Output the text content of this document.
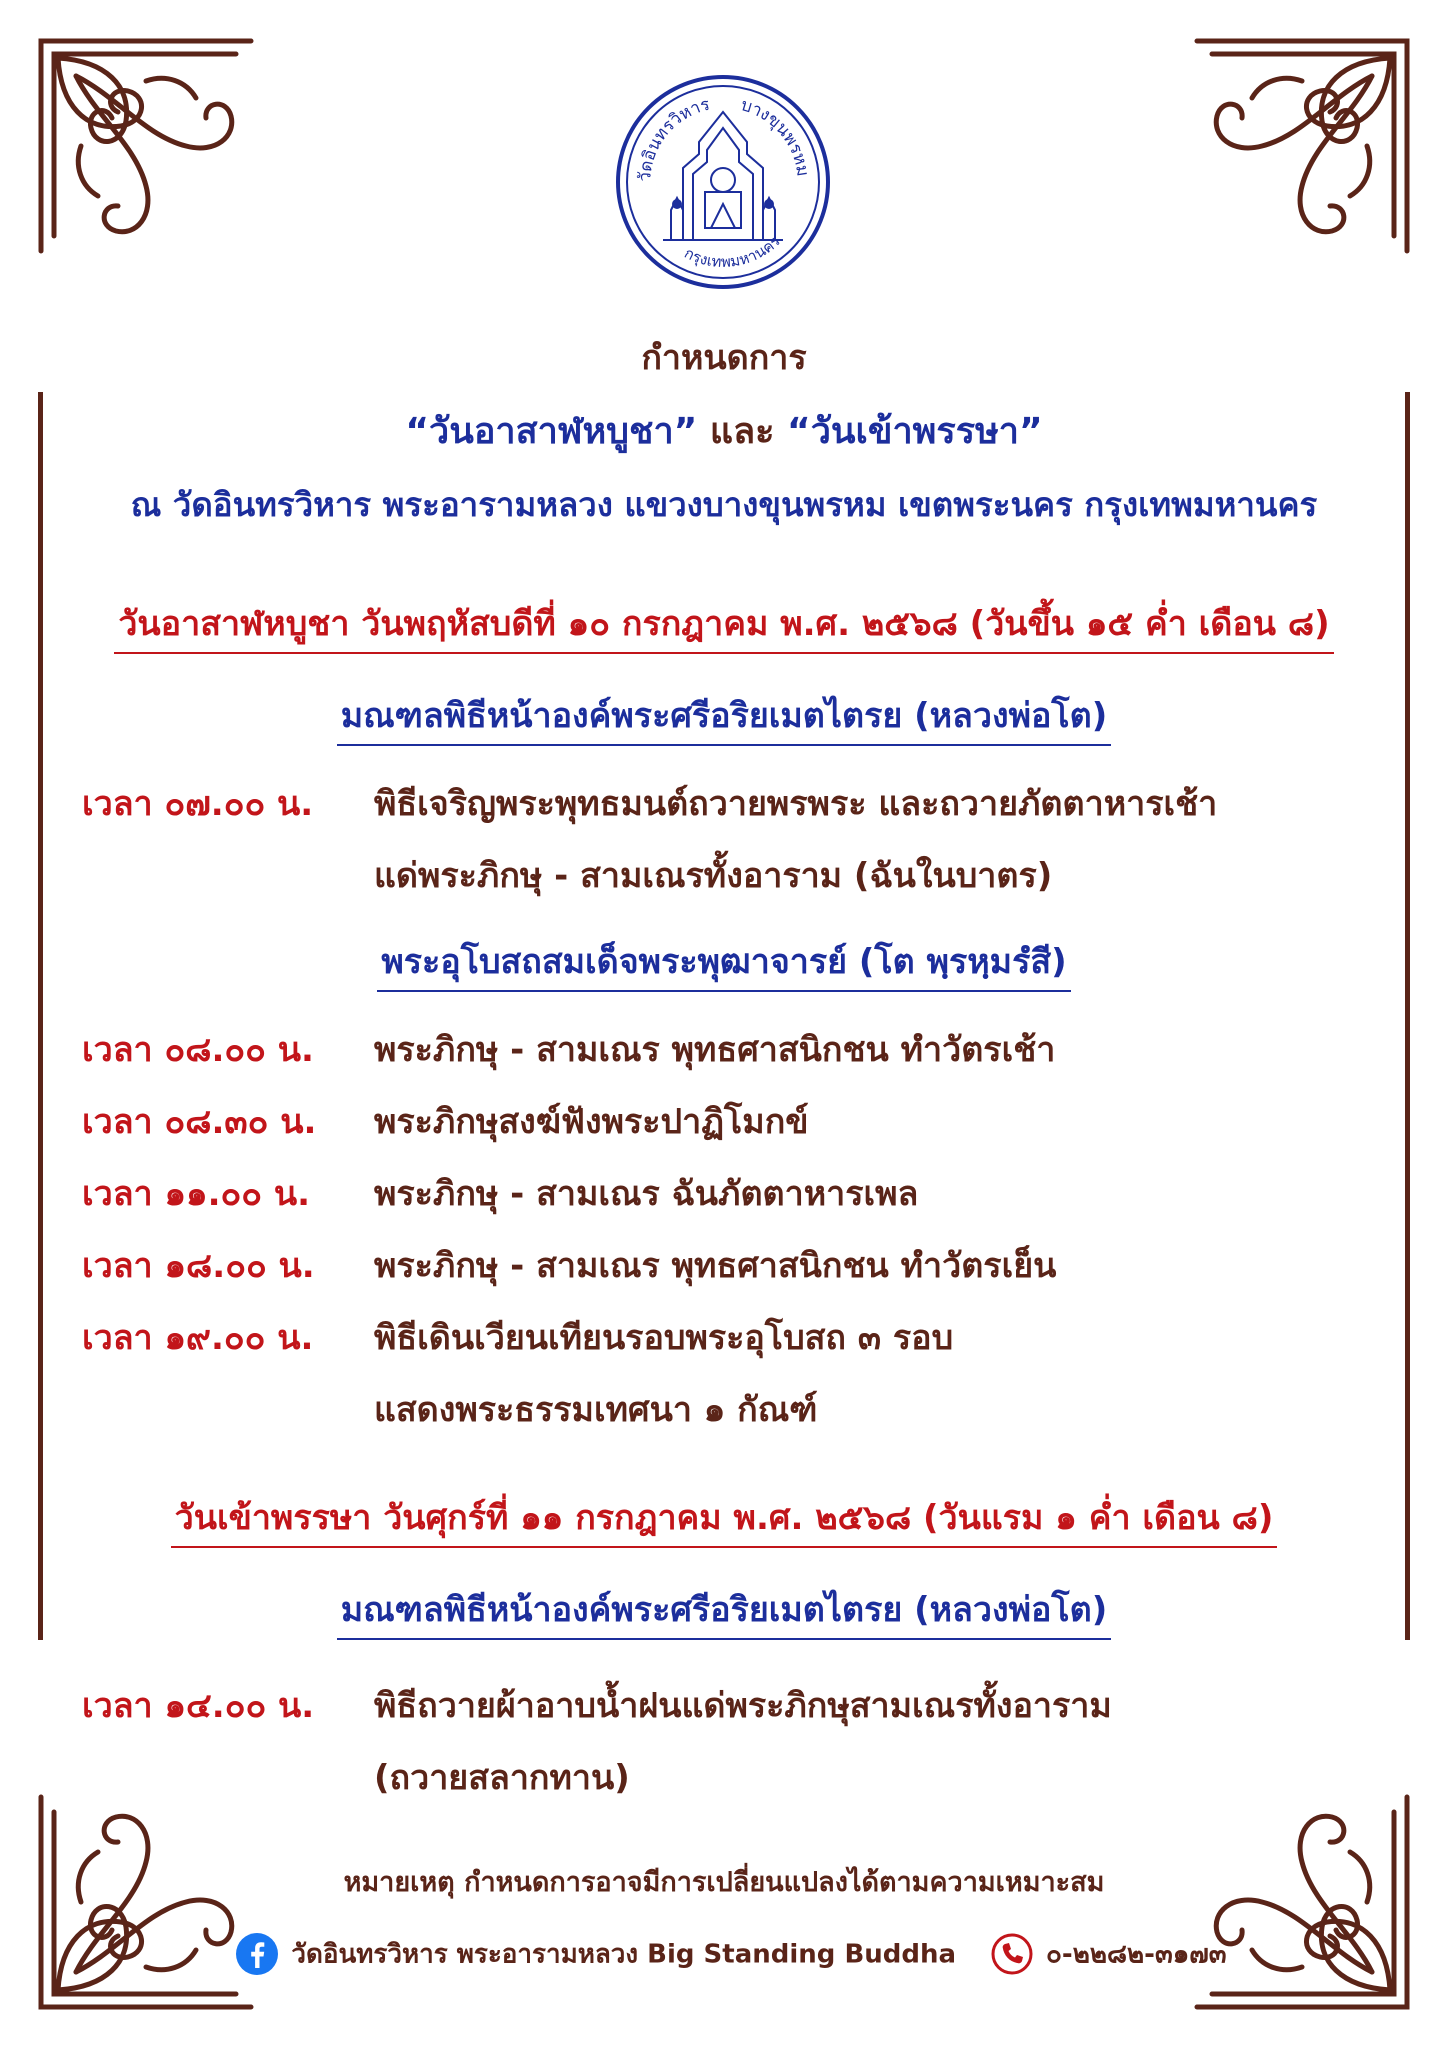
วัดอินทรวิหาร บางขุนพรหม
กรุงเทพมหานคร
กำหนดการ
“วันอาสาฬหบูชา” และ “วันเข้าพรรษา”
ณ วัดอินทรวิหาร พระอารามหลวง แขวงบางขุนพรหม เขตพระนคร กรุงเทพมหานคร
วันอาสาฬหบูชา วันพฤหัสบดีที่ ๑๐ กรกฎาคม พ.ศ. ๒๕๖๘ (วันขึ้น ๑๕ ค่ำ เดือน ๘)
มณฑลพิธีหน้าองค์พระศรีอริยเมตไตรย (หลวงพ่อโต)
เวลา ๐๗.๐๐ น. พิธีเจริญพระพุทธมนต์ถวายพรพระ และถวายภัตตาหารเช้า
แด่พระภิกษุ - สามเณรทั้งอาราม (ฉันในบาตร)
พระอุโบสถสมเด็จพระพุฒาจารย์ (โต พฺรหฺมรํสี)
เวลา ๐๘.๐๐ น. พระภิกษุ - สามเณร พุทธศาสนิกชน ทำวัตรเช้า
เวลา ๐๘.๓๐ น. พระภิกษุสงฆ์ฟังพระปาฏิโมกข์
เวลา ๑๑.๐๐ น. พระภิกษุ - สามเณร ฉันภัตตาหารเพล
เวลา ๑๘.๐๐ น. พระภิกษุ - สามเณร พุทธศาสนิกชน ทำวัตรเย็น
เวลา ๑๙.๐๐ น. พิธีเดินเวียนเทียนรอบพระอุโบสถ ๓ รอบ
แสดงพระธรรมเทศนา ๑ กัณฑ์
วันเข้าพรรษา วันศุกร์ที่ ๑๑ กรกฎาคม พ.ศ. ๒๕๖๘ (วันแรม ๑ ค่ำ เดือน ๘)
มณฑลพิธีหน้าองค์พระศรีอริยเมตไตรย (หลวงพ่อโต)
เวลา ๑๔.๐๐ น. พิธีถวายผ้าอาบน้ำฝนแด่พระภิกษุสามเณรทั้งอาราม
(ถวายสลากทาน)
หมายเหตุ กำหนดการอาจมีการเปลี่ยนแปลงได้ตามความเหมาะสม
วัดอินทรวิหาร พระอารามหลวง Big Standing Buddha	๐-๒๒๘๒-๓๑๗๓
